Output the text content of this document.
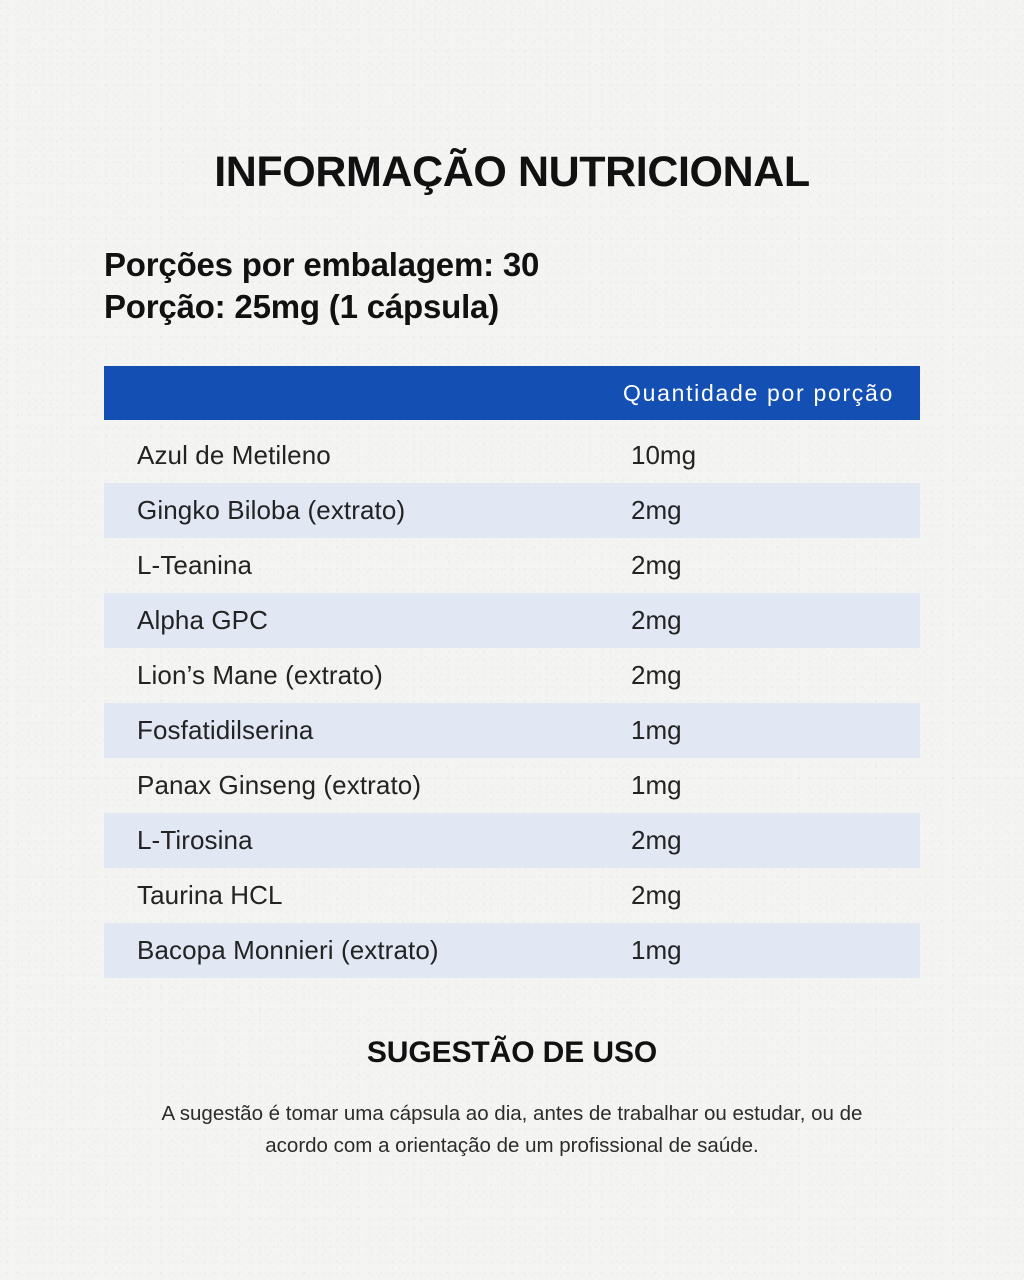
INFORMAÇÃO NUTRICIONAL
Porções por embalagem: 30
Porção: 25mg (1 cápsula)
Quantidade por porção
Azul de Metileno	10mg
Gingko Biloba (extrato)	2mg
L-Teanina	2mg
Alpha GPC	2mg
Lion’s Mane (extrato)	2mg
Fosfatidilserina	1mg
Panax Ginseng (extrato)	1mg
L-Tirosina	2mg
Taurina HCL	2mg
Bacopa Monnieri (extrato)	1mg
SUGESTÃO DE USO
A sugestão é tomar uma cápsula ao dia, antes de trabalhar ou estudar, ou de acordo com a orientação de um profissional de saúde.
